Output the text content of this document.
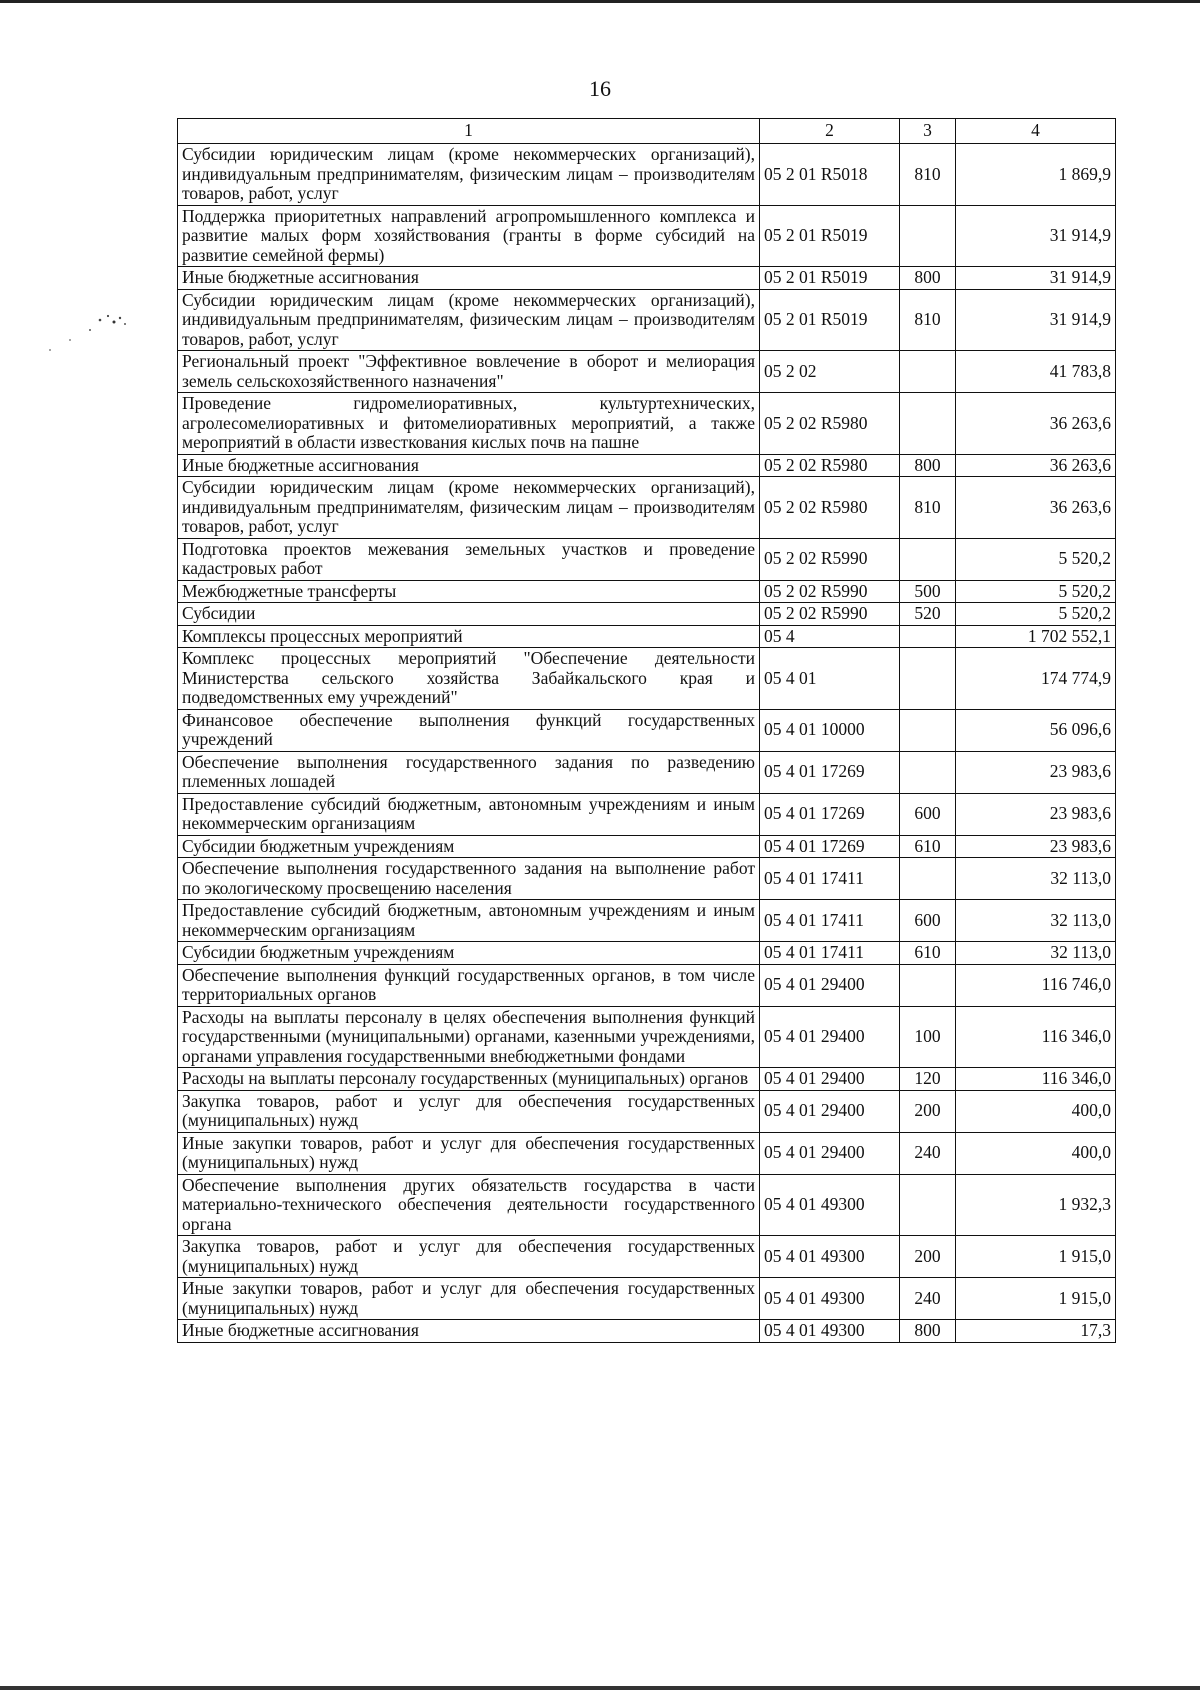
16
1	2	3	4
Субсидии юридическим лицам (кроме некоммерческих организаций), индивидуальным предпринимателям, физическим лицам – производителям товаров, работ, услуг	05 2 01 R5018	810	1 869,9
Поддержка приоритетных направлений агропромышленного комплекса и развитие малых форм хозяйствования (гранты в форме субсидий на развитие семейной фермы)	05 2 01 R5019		31 914,9
Иные бюджетные ассигнования	05 2 01 R5019	800	31 914,9
Субсидии юридическим лицам (кроме некоммерческих организаций), индивидуальным предпринимателям, физическим лицам – производителям товаров, работ, услуг	05 2 01 R5019	810	31 914,9
Региональный проект "Эффективное вовлечение в оборот и мелиорация земель сельскохозяйственного назначения"	05 2 02		41 783,8
Проведение гидромелиоративных, культуртехнических, агролесомелиоративных и фитомелиоративных мероприятий, а также мероприятий в области известкования кислых почв на пашне	05 2 02 R5980		36 263,6
Иные бюджетные ассигнования	05 2 02 R5980	800	36 263,6
Субсидии юридическим лицам (кроме некоммерческих организаций), индивидуальным предпринимателям, физическим лицам – производителям товаров, работ, услуг	05 2 02 R5980	810	36 263,6
Подготовка проектов межевания земельных участков и проведение кадастровых работ	05 2 02 R5990		5 520,2
Межбюджетные трансферты	05 2 02 R5990	500	5 520,2
Субсидии	05 2 02 R5990	520	5 520,2
Комплексы процессных мероприятий	05 4		1 702 552,1
Комплекс процессных мероприятий "Обеспечение деятельности Министерства сельского хозяйства Забайкальского края и подведомственных ему учреждений"	05 4 01		174 774,9
Финансовое обеспечение выполнения функций государственных учреждений	05 4 01 10000		56 096,6
Обеспечение выполнения государственного задания по разведению племенных лошадей	05 4 01 17269		23 983,6
Предоставление субсидий бюджетным, автономным учреждениям и иным некоммерческим организациям	05 4 01 17269	600	23 983,6
Субсидии бюджетным учреждениям	05 4 01 17269	610	23 983,6
Обеспечение выполнения государственного задания на выполнение работ по экологическому просвещению населения	05 4 01 17411		32 113,0
Предоставление субсидий бюджетным, автономным учреждениям и иным некоммерческим организациям	05 4 01 17411	600	32 113,0
Субсидии бюджетным учреждениям	05 4 01 17411	610	32 113,0
Обеспечение выполнения функций государственных органов, в том числе территориальных органов	05 4 01 29400		116 746,0
Расходы на выплаты персоналу в целях обеспечения выполнения функций государственными (муниципальными) органами, казенными учреждениями, органами управления государственными внебюджетными фондами	05 4 01 29400	100	116 346,0
Расходы на выплаты персоналу государственных (муниципальных) органов	05 4 01 29400	120	116 346,0
Закупка товаров, работ и услуг для обеспечения государственных (муниципальных) нужд	05 4 01 29400	200	400,0
Иные закупки товаров, работ и услуг для обеспечения государственных (муниципальных) нужд	05 4 01 29400	240	400,0
Обеспечение выполнения других обязательств государства в части материально-технического обеспечения деятельности государственного органа	05 4 01 49300		1 932,3
Закупка товаров, работ и услуг для обеспечения государственных (муниципальных) нужд	05 4 01 49300	200	1 915,0
Иные закупки товаров, работ и услуг для обеспечения государственных (муниципальных) нужд	05 4 01 49300	240	1 915,0
Иные бюджетные ассигнования	05 4 01 49300	800	17,3
